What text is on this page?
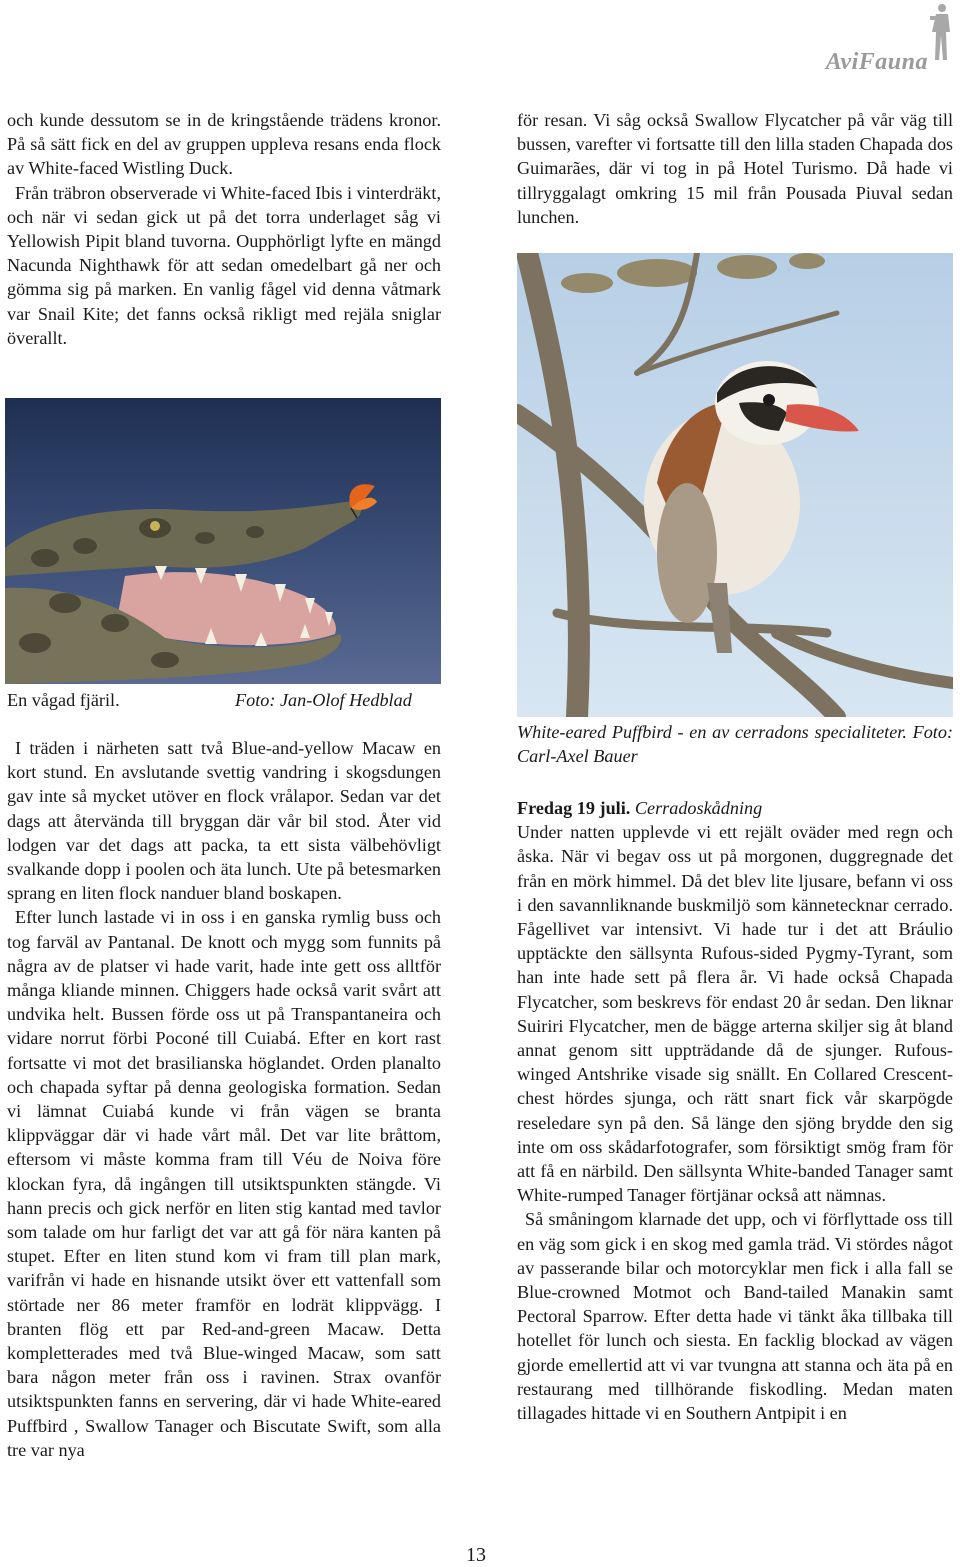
AviFauna

och kunde dessutom se in de kringstående trädens kronor. På så sätt fick en del av gruppen uppleva resans enda flock av White-faced Wistling Duck.

Från träbron observerade vi White-faced Ibis i vinterdräkt, och när vi sedan gick ut på det torra underlaget såg vi Yellowish Pipit bland tuvorna. Oupphörligt lyfte en mängd Nacunda Nighthawk för att sedan omedelbart gå ner och gömma sig på marken. En vanlig fågel vid denna våtmark var Snail Kite; det fanns också rikligt med rejäla sniglar överallt.

En vågad fjäril.	Foto: Jan-Olof Hedblad

I träden i närheten satt två Blue-and-yellow Macaw en kort stund. En avslutande svettig vandring i skogsdungen gav inte så mycket utöver en flock vrålapor. Sedan var det dags att återvända till bryggan där vår bil stod. Åter vid lodgen var det dags att packa, ta ett sista välbehövligt svalkande dopp i poolen och äta lunch. Ute på betesmarken sprang en liten flock nanduer bland boskapen.

Efter lunch lastade vi in oss i en ganska rymlig buss och tog farväl av Pantanal. De knott och mygg som funnits på några av de platser vi hade varit, hade inte gett oss alltför många kliande minnen. Chiggers hade också varit svårt att undvika helt. Bussen förde oss ut på Transpantaneira och vidare norrut förbi Poconé till Cuiabá. Efter en kort rast fortsatte vi mot det brasilianska höglandet. Orden planalto och chapada syftar på denna geologiska formation. Sedan vi lämnat Cuiabá kunde vi från vägen se branta klippväggar där vi hade vårt mål. Det var lite bråttom, eftersom vi måste komma fram till Véu de Noiva före klockan fyra, då ingången till utsiktspunkten stängde. Vi hann precis och gick nerför en liten stig kantad med tavlor som talade om hur farligt det var att gå för nära kanten på stupet. Efter en liten stund kom vi fram till plan mark, varifrån vi hade en hisnande utsikt över ett vattenfall som störtade ner 86 meter framför en lodrät klippvägg. I branten flög ett par Red-and-green Macaw. Detta kompletterades med två Blue-winged Macaw, som satt bara någon meter från oss i ravinen. Strax ovanför utsiktspunkten fanns en servering, där vi hade White-eared Puffbird , Swallow Tanager och Biscutate Swift, som alla tre var nya

för resan. Vi såg också Swallow Flycatcher på vår väg till bussen, varefter vi fortsatte till den lilla staden Chapada dos Guimarães, där vi tog in på Hotel Turismo. Då hade vi tillryggalagt omkring 15 mil från Pousada Piuval sedan lunchen.

White-eared Puffbird - en av cerradons specialiteter. Foto: Carl-Axel Bauer

Fredag 19 juli. Cerradoskådning

Under natten upplevde vi ett rejält oväder med regn och åska. När vi begav oss ut på morgonen, duggregnade det från en mörk himmel. Då det blev lite ljusare, befann vi oss i den savannliknande buskmiljö som kännetecknar cerrado. Fågellivet var intensivt. Vi hade tur i det att Bráulio upptäckte den sällsynta Rufous-sided Pygmy-Tyrant, som han inte hade sett på flera år. Vi hade också Chapada Flycatcher, som beskrevs för endast 20 år sedan. Den liknar Suiriri Flycatcher, men de bägge arterna skiljer sig åt bland annat genom sitt uppträdande då de sjunger. Rufous-winged Antshrike visade sig snällt. En Collared Crescent-chest hördes sjunga, och rätt snart fick vår skarpögde reseledare syn på den. Så länge den sjöng brydde den sig inte om oss skådarfotografer, som försiktigt smög fram för att få en närbild. Den sällsynta White-banded Tanager samt White-rumped Tanager förtjänar också att nämnas.

Så småningom klarnade det upp, och vi förflyttade oss till en väg som gick i en skog med gamla träd. Vi stördes något av passerande bilar och motorcyklar men fick i alla fall se Blue-crowned Motmot och Band-tailed Manakin samt Pectoral Sparrow. Efter detta hade vi tänkt åka tillbaka till hotellet för lunch och siesta. En facklig blockad av vägen gjorde emellertid att vi var tvungna att stanna och äta på en restaurang med tillhörande fiskodling. Medan maten tillagades hittade vi en Southern Antpipit i en

13
